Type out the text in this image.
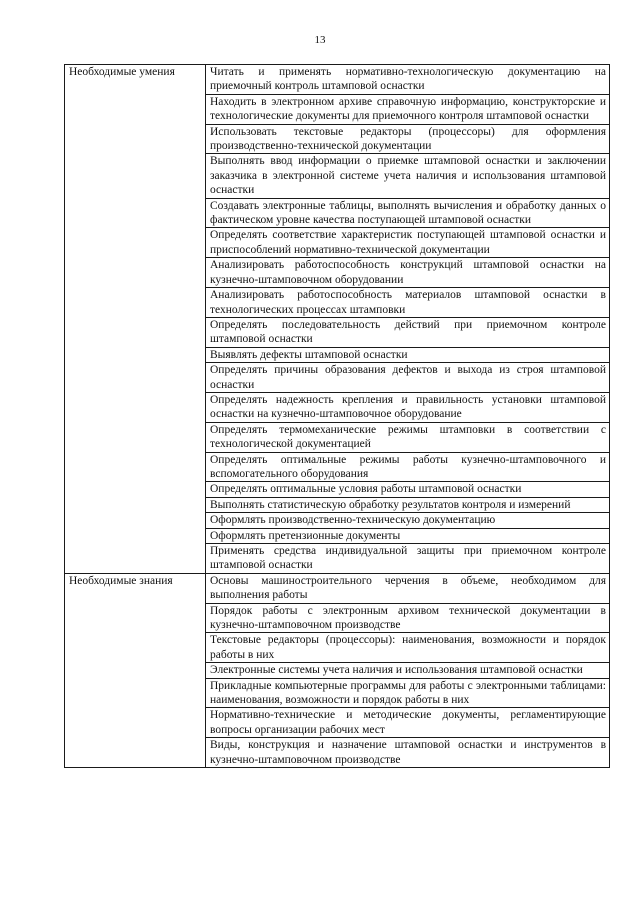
13
Необходимые умения	Читать и применять нормативно-технологическую документацию на приемочный контроль штамповой оснастки
	Находить в электронном архиве справочную информацию, конструкторские и технологические документы для приемочного контроля штамповой оснастки
	Использовать текстовые редакторы (процессоры) для оформления производственно-технической документации
	Выполнять ввод информации о приемке штамповой оснастки и заключении заказчика в электронной системе учета наличия и использования штамповой оснастки
	Создавать электронные таблицы, выполнять вычисления и обработку данных о фактическом уровне качества поступающей штамповой оснастки
	Определять соответствие характеристик поступающей штамповой оснастки и приспособлений нормативно-технической документации
	Анализировать работоспособность конструкций штамповой оснастки на кузнечно-штамповочном оборудовании
	Анализировать работоспособность материалов штамповой оснастки в технологических процессах штамповки
	Определять последовательность действий при приемочном контроле штамповой оснастки
	Выявлять дефекты штамповой оснастки
	Определять причины образования дефектов и выхода из строя штамповой оснастки
	Определять надежность крепления и правильность установки штамповой оснастки на кузнечно-штамповочное оборудование
	Определять термомеханические режимы штамповки в соответствии с технологической документацией
	Определять оптимальные режимы работы кузнечно-штамповочного и вспомогательного оборудования
	Определять оптимальные условия работы штамповой оснастки
	Выполнять статистическую обработку результатов контроля и измерений
	Оформлять производственно-техническую документацию
	Оформлять претензионные документы
	Применять средства индивидуальной защиты при приемочном контроле штамповой оснастки
Необходимые знания	Основы машиностроительного черчения в объеме, необходимом для выполнения работы
	Порядок работы с электронным архивом технической документации в кузнечно-штамповочном производстве
	Текстовые редакторы (процессоры): наименования, возможности и порядок работы в них
	Электронные системы учета наличия и использования штамповой оснастки
	Прикладные компьютерные программы для работы с электронными таблицами: наименования, возможности и порядок работы в них
	Нормативно-технические и методические документы, регламентирующие вопросы организации рабочих мест
	Виды, конструкция и назначение штамповой оснастки и инструментов в кузнечно-штамповочном производстве
